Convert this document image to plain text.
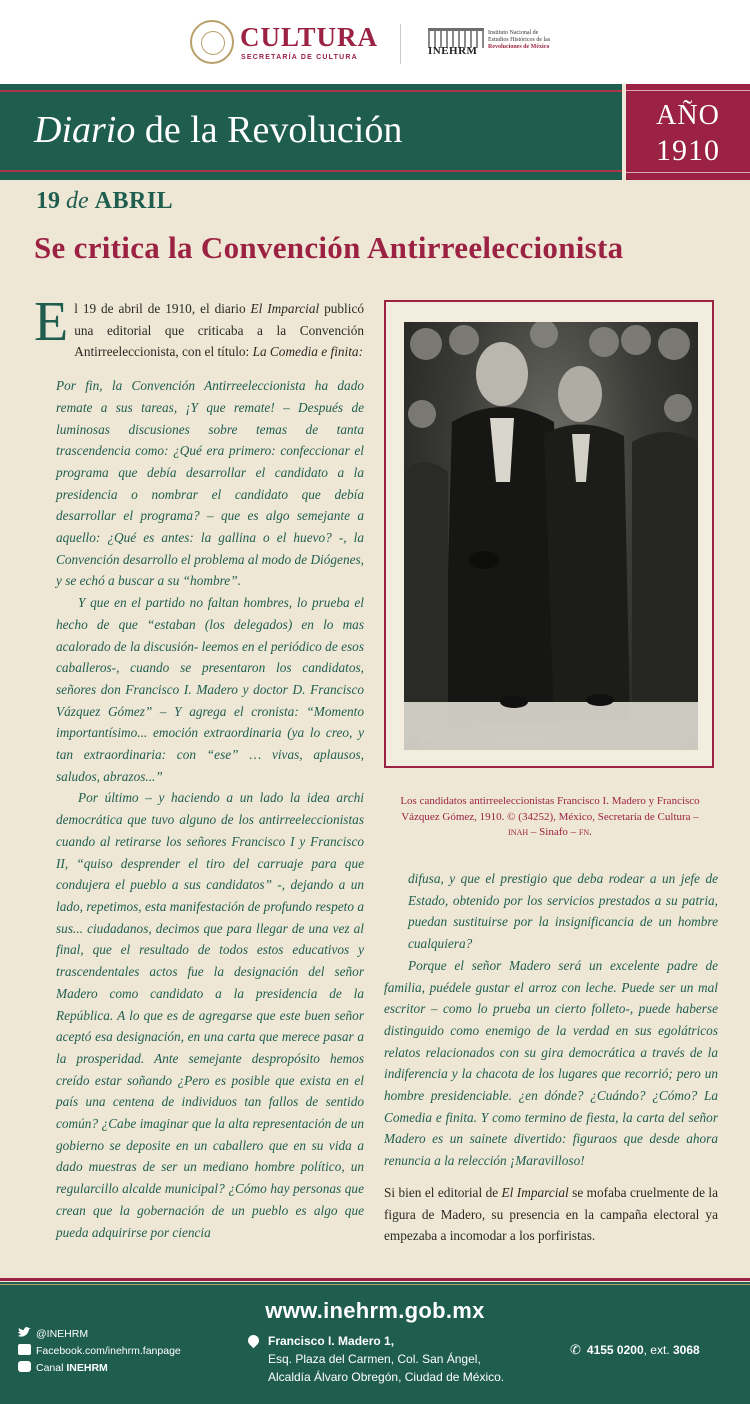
CULTURA
SECRETARÍA DE CULTURA
INEHRM
Instituto Nacional de
Estudios Históricos de las
Revoluciones de México
Diario de la Revolución	AÑO
1910
19 de ABRIL
Se critica la Convención Antirreeleccionista

El 19 de abril de 1910, el diario El Imparcial publicó una editorial que criticaba a la Convención Antirreeleccionista, con el título: La Comedia e finita:

Por fin, la Convención Antirreeleccionista ha dado remate a sus tareas, ¡Y que remate! – Después de luminosas discusiones sobre temas de tanta trascendencia como: ¿Qué era primero: confeccionar el programa que debía desarrollar el candidato a la presidencia o nombrar el candidato que debía desarrollar el programa? – que es algo semejante a aquello: ¿Qué es antes: la gallina o el huevo? -, la Convención desarrollo el problema al modo de Diógenes, y se echó a buscar a su “hombre”.

Y que en el partido no faltan hombres, lo prueba el hecho de que “estaban (los delegados) en lo mas acalorado de la discusión- leemos en el periódico de esos caballeros-, cuando se presentaron los candidatos, señores don Francisco I. Madero y doctor D. Francisco Vázquez Gómez” – Y agrega el cronista: “Momento importantísimo... emoción extraordinaria (ya lo creo, y tan extraordinaria: con “ese” … vivas, aplausos, saludos, abrazos...”

Por último – y haciendo a un lado la idea archi democrática que tuvo alguno de los antirreeleccionistas cuando al retirarse los señores Francisco I y Francisco II, “quiso desprender el tiro del carruaje para que condujera el pueblo a sus candidatos” -, dejando a un lado, repetimos, esta manifestación de profundo respeto a sus... ciudadanos, decimos que para llegar de una vez al final, que el resultado de todos estos educativos y trascendentales actos fue la designación del señor Madero como candidato a la presidencia de la República. A lo que es de agregarse que este buen señor aceptó esa designación, en una carta que merece pasar a la prosperidad. Ante semejante despropósito hemos creído estar soñando ¿Pero es posible que exista en el país una centena de individuos tan fallos de sentido común? ¿Cabe imaginar que la alta representación de un gobierno se deposite en un caballero que en su vida a dado muestras de ser un mediano hombre político, un regularcillo alcalde municipal? ¿Cómo hay personas que crean que la gobernación de un pueblo es algo que pueda adquirirse por ciencia

FRANCISCO I. MADERO
Los candidatos antirreeleccionistas Francisco I. Madero y Francisco Vázquez Gómez, 1910. © (34252), México, Secretaría de Cultura – INAH – Sinafo – FN.

difusa, y que el prestigio que deba rodear a un jefe de Estado, obtenido por los servicios prestados a su patria, puedan sustituirse por la insignificancia de un hombre cualquiera?

Porque el señor Madero será un excelente padre de familia, puédele gustar el arroz con leche. Puede ser un mal escritor – como lo prueba un cierto folleto-, puede haberse distinguido como enemigo de la verdad en sus egolátricos relatos relacionados con su gira democrática a través de la indiferencia y la chacota de los lugares que recorrió; pero un hombre presidenciable. ¿en dónde? ¿Cuándo? ¿Cómo? La Comedia e finita. Y como termino de fiesta, la carta del señor Madero es un sainete divertido: figuraos que desde ahora renuncia a la relección ¡Maravilloso!

Si bien el editorial de El Imparcial se mofaba cruelmente de la figura de Madero, su presencia en la campaña electoral ya empezaba a incomodar a los porfiristas.

www.inehrm.gob.mx
@INEHRM
Facebook.com/inehrm.fanpage
Canal INEHRM
Francisco I. Madero 1,
Esq. Plaza del Carmen, Col. San Ángel,
Alcaldía Álvaro Obregón, Ciudad de México.
✆ 4155 0200, ext. 3068
